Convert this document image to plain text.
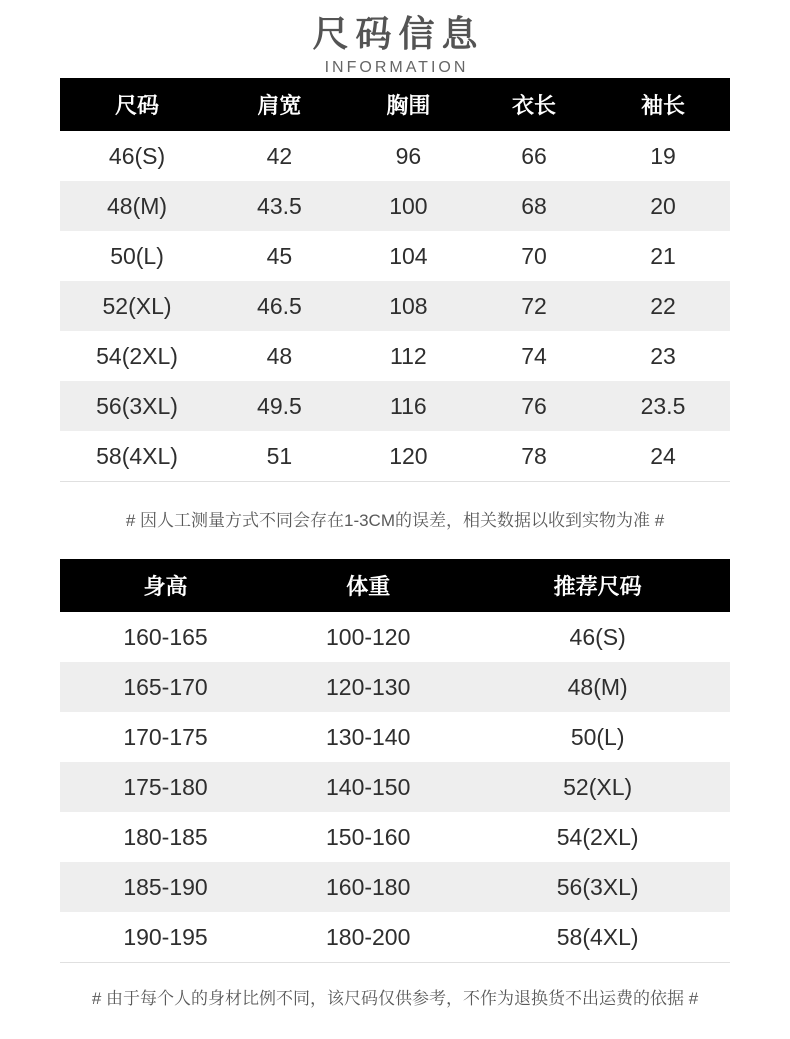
尺码信息
INFORMATION
尺码	肩宽	胸围	衣长	袖长
46(S)	42	96	66	19
48(M)	43.5	100	68	20
50(L)	45	104	70	21
52(XL)	46.5	108	72	22
54(2XL)	48	112	74	23
56(3XL)	49.5	116	76	23.5
58(4XL)	51	120	78	24

# 因人工测量方式不同会存在1-3CM的误差，相关数据以收到实物为准 #

身高	体重	推荐尺码
160-165	100-120	46(S)
165-170	120-130	48(M)
170-175	130-140	50(L)
175-180	140-150	52(XL)
180-185	150-160	54(2XL)
185-190	160-180	56(3XL)
190-195	180-200	58(4XL)

# 由于每个人的身材比例不同，该尺码仅供参考，不作为退换货不出运费的依据 #
